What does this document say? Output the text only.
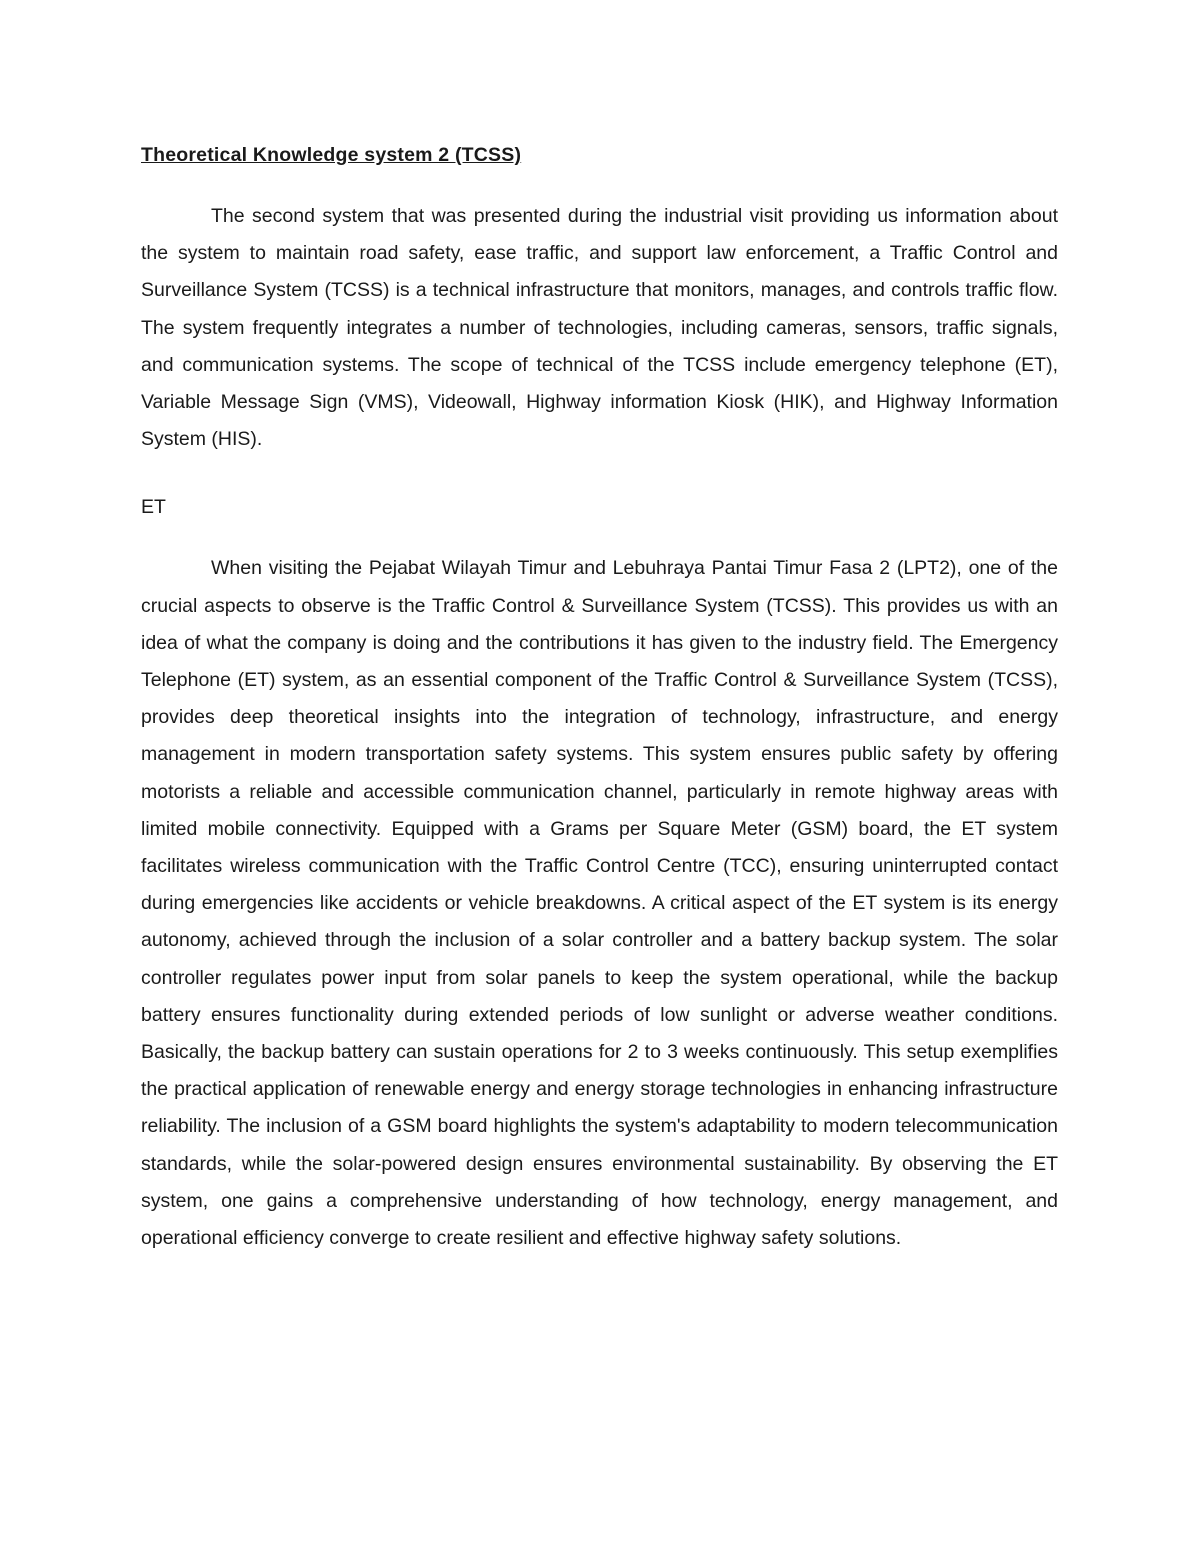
Theoretical Knowledge system 2 (TCSS)

The second system that was presented during the industrial visit providing us information about the system to maintain road safety, ease traffic, and support law enforcement, a Traffic Control and Surveillance System (TCSS) is a technical infrastructure that monitors, manages, and controls traffic flow. The system frequently integrates a number of technologies, including cameras, sensors, traffic signals, and communication systems. The scope of technical of the TCSS include emergency telephone (ET), Variable Message Sign (VMS), Videowall, Highway information Kiosk (HIK), and Highway Information System (HIS).

ET

When visiting the Pejabat Wilayah Timur and Lebuhraya Pantai Timur Fasa 2 (LPT2), one of the crucial aspects to observe is the Traffic Control & Surveillance System (TCSS). This provides us with an idea of what the company is doing and the contributions it has given to the industry field. The Emergency Telephone (ET) system, as an essential component of the Traffic Control & Surveillance System (TCSS), provides deep theoretical insights into the integration of technology, infrastructure, and energy management in modern transportation safety systems. This system ensures public safety by offering motorists a reliable and accessible communication channel, particularly in remote highway areas with limited mobile connectivity. Equipped with a Grams per Square Meter (GSM) board, the ET system facilitates wireless communication with the Traffic Control Centre (TCC), ensuring uninterrupted contact during emergencies like accidents or vehicle breakdowns. A critical aspect of the ET system is its energy autonomy, achieved through the inclusion of a solar controller and a battery backup system. The solar controller regulates power input from solar panels to keep the system operational, while the backup battery ensures functionality during extended periods of low sunlight or adverse weather conditions. Basically, the backup battery can sustain operations for 2 to 3 weeks continuously. This setup exemplifies the practical application of renewable energy and energy storage technologies in enhancing infrastructure reliability. The inclusion of a GSM board highlights the system's adaptability to modern telecommunication standards, while the solar-powered design ensures environmental sustainability. By observing the ET system, one gains a comprehensive understanding of how technology, energy management, and operational efficiency converge to create resilient and effective highway safety solutions.
